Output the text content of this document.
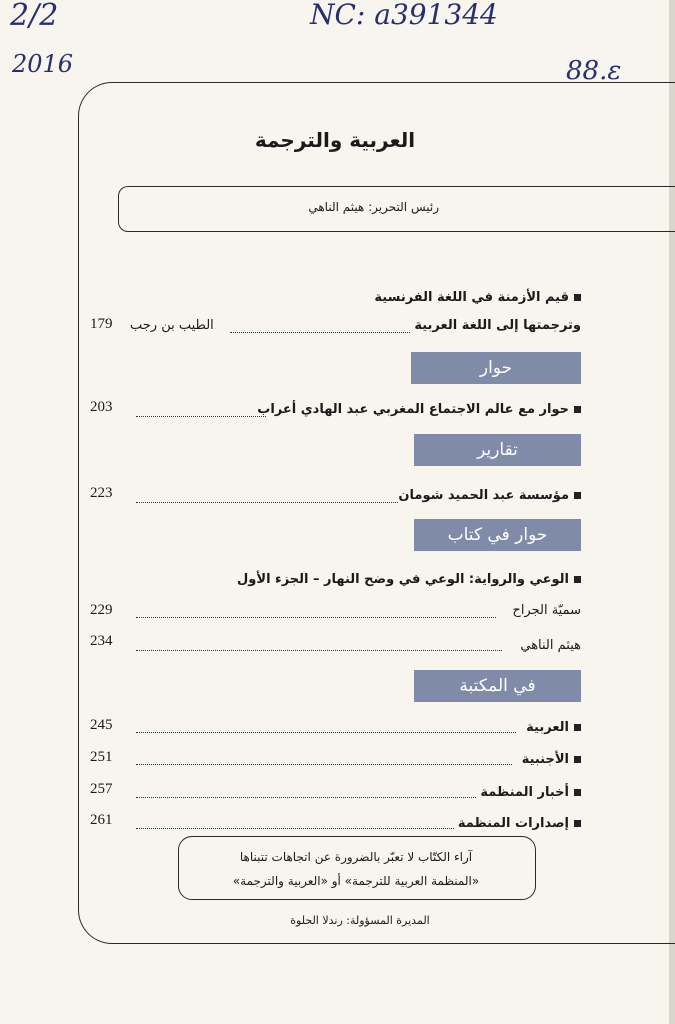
2/2	NC: a391344
2016	88.ε
العربية والترجمة
رئيس التحرير: هيثم الناهي
قيم الأزمنة في اللغة الفرنسية
وترجمتها إلى اللغة العربية
الطيب بن رجب
179
حوار
حوار مع عالم الاجتماع المغربي عبد الهادي أعراب
203
تقارير
مؤسسة عبد الحميد شومان
223
حوار في كتاب
الوعي والرواية: الوعي في وضح النهار – الجزء الأول
سميّة الجراح
229
هيثم الناهي
234
في المكتبة
العربية
245
الأجنبية
251
أخبار المنظمة
257
إصدارات المنظمة
261
آراء الكتّاب لا تعبّر بالضرورة عن اتجاهات تتبناها
«المنظمة العربية للترجمة» أو «العربية والترجمة»
المديرة المسؤولة: رندلا الحلوة
